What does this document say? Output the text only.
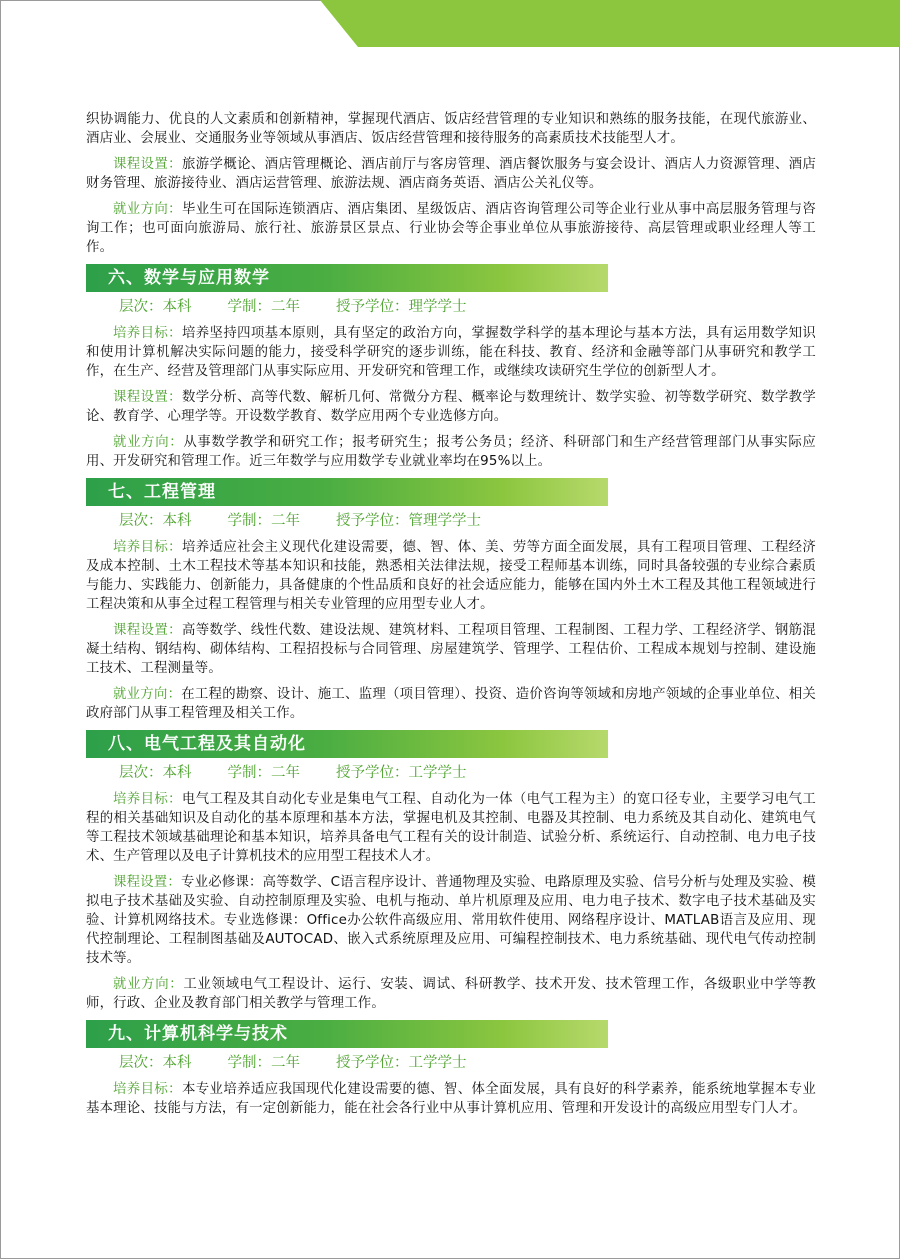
织协调能力、优良的人文素质和创新精神，掌握现代酒店、饭店经营管理的专业知识和熟练的服务技能，在现代旅游业、酒店业、会展业、交通服务业等领域从事酒店、饭店经营管理和接待服务的高素质技术技能型人才。

课程设置：旅游学概论、酒店管理概论、酒店前厅与客房管理、酒店餐饮服务与宴会设计、酒店人力资源管理、酒店财务管理、旅游接待业、酒店运营管理、旅游法规、酒店商务英语、酒店公关礼仪等。

就业方向：毕业生可在国际连锁酒店、酒店集团、星级饭店、酒店咨询管理公司等企业行业从事中高层服务管理与咨询工作；也可面向旅游局、旅行社、旅游景区景点、行业协会等企事业单位从事旅游接待、高层管理或职业经理人等工作。

六、数学与应用数学
层次：本科 学制：二年 授予学位：理学学士

培养目标：培养坚持四项基本原则，具有坚定的政治方向，掌握数学科学的基本理论与基本方法，具有运用数学知识和使用计算机解决实际问题的能力，接受科学研究的逐步训练，能在科技、教育、经济和金融等部门从事研究和教学工作，在生产、经营及管理部门从事实际应用、开发研究和管理工作，或继续攻读研究生学位的创新型人才。

课程设置：数学分析、高等代数、解析几何、常微分方程、概率论与数理统计、数学实验、初等数学研究、数学教学论、教育学、心理学等。开设数学教育、数学应用两个专业选修方向。

就业方向：从事数学教学和研究工作；报考研究生；报考公务员；经济、科研部门和生产经营管理部门从事实际应用、开发研究和管理工作。近三年数学与应用数学专业就业率均在95%以上。

七、工程管理
层次：本科 学制：二年 授予学位：管理学学士

培养目标：培养适应社会主义现代化建设需要，德、智、体、美、劳等方面全面发展，具有工程项目管理、工程经济及成本控制、土木工程技术等基本知识和技能，熟悉相关法律法规，接受工程师基本训练，同时具备较强的专业综合素质与能力、实践能力、创新能力，具备健康的个性品质和良好的社会适应能力，能够在国内外土木工程及其他工程领域进行工程决策和从事全过程工程管理与相关专业管理的应用型专业人才。

课程设置：高等数学、线性代数、建设法规、建筑材料、工程项目管理、工程制图、工程力学、工程经济学、钢筋混凝土结构、钢结构、砌体结构、工程招投标与合同管理、房屋建筑学、管理学、工程估价、工程成本规划与控制、建设施工技术、工程测量等。

就业方向：在工程的勘察、设计、施工、监理（项目管理）、投资、造价咨询等领域和房地产领域的企事业单位、相关政府部门从事工程管理及相关工作。

八、电气工程及其自动化
层次：本科 学制：二年 授予学位：工学学士

培养目标：电气工程及其自动化专业是集电气工程、自动化为一体（电气工程为主）的宽口径专业，主要学习电气工程的相关基础知识及自动化的基本原理和基本方法，掌握电机及其控制、电器及其控制、电力系统及其自动化、建筑电气等工程技术领域基础理论和基本知识，培养具备电气工程有关的设计制造、试验分析、系统运行、自动控制、电力电子技术、生产管理以及电子计算机技术的应用型工程技术人才。

课程设置：专业必修课：高等数学、C语言程序设计、普通物理及实验、电路原理及实验、信号分析与处理及实验、模拟电子技术基础及实验、自动控制原理及实验、电机与拖动、单片机原理及应用、电力电子技术、数字电子技术基础及实验、计算机网络技术。专业选修课：Office办公软件高级应用、常用软件使用、网络程序设计、MATLAB语言及应用、现代控制理论、工程制图基础及AUTOCAD、嵌入式系统原理及应用、可编程控制技术、电力系统基础、现代电气传动控制技术等。

就业方向：工业领域电气工程设计、运行、安装、调试、科研教学、技术开发、技术管理工作，各级职业中学等教师，行政、企业及教育部门相关教学与管理工作。

九、计算机科学与技术
层次：本科 学制：二年 授予学位：工学学士

培养目标：本专业培养适应我国现代化建设需要的德、智、体全面发展，具有良好的科学素养，能系统地掌握本专业基本理论、技能与方法，有一定创新能力，能在社会各行业中从事计算机应用、管理和开发设计的高级应用型专门人才。
